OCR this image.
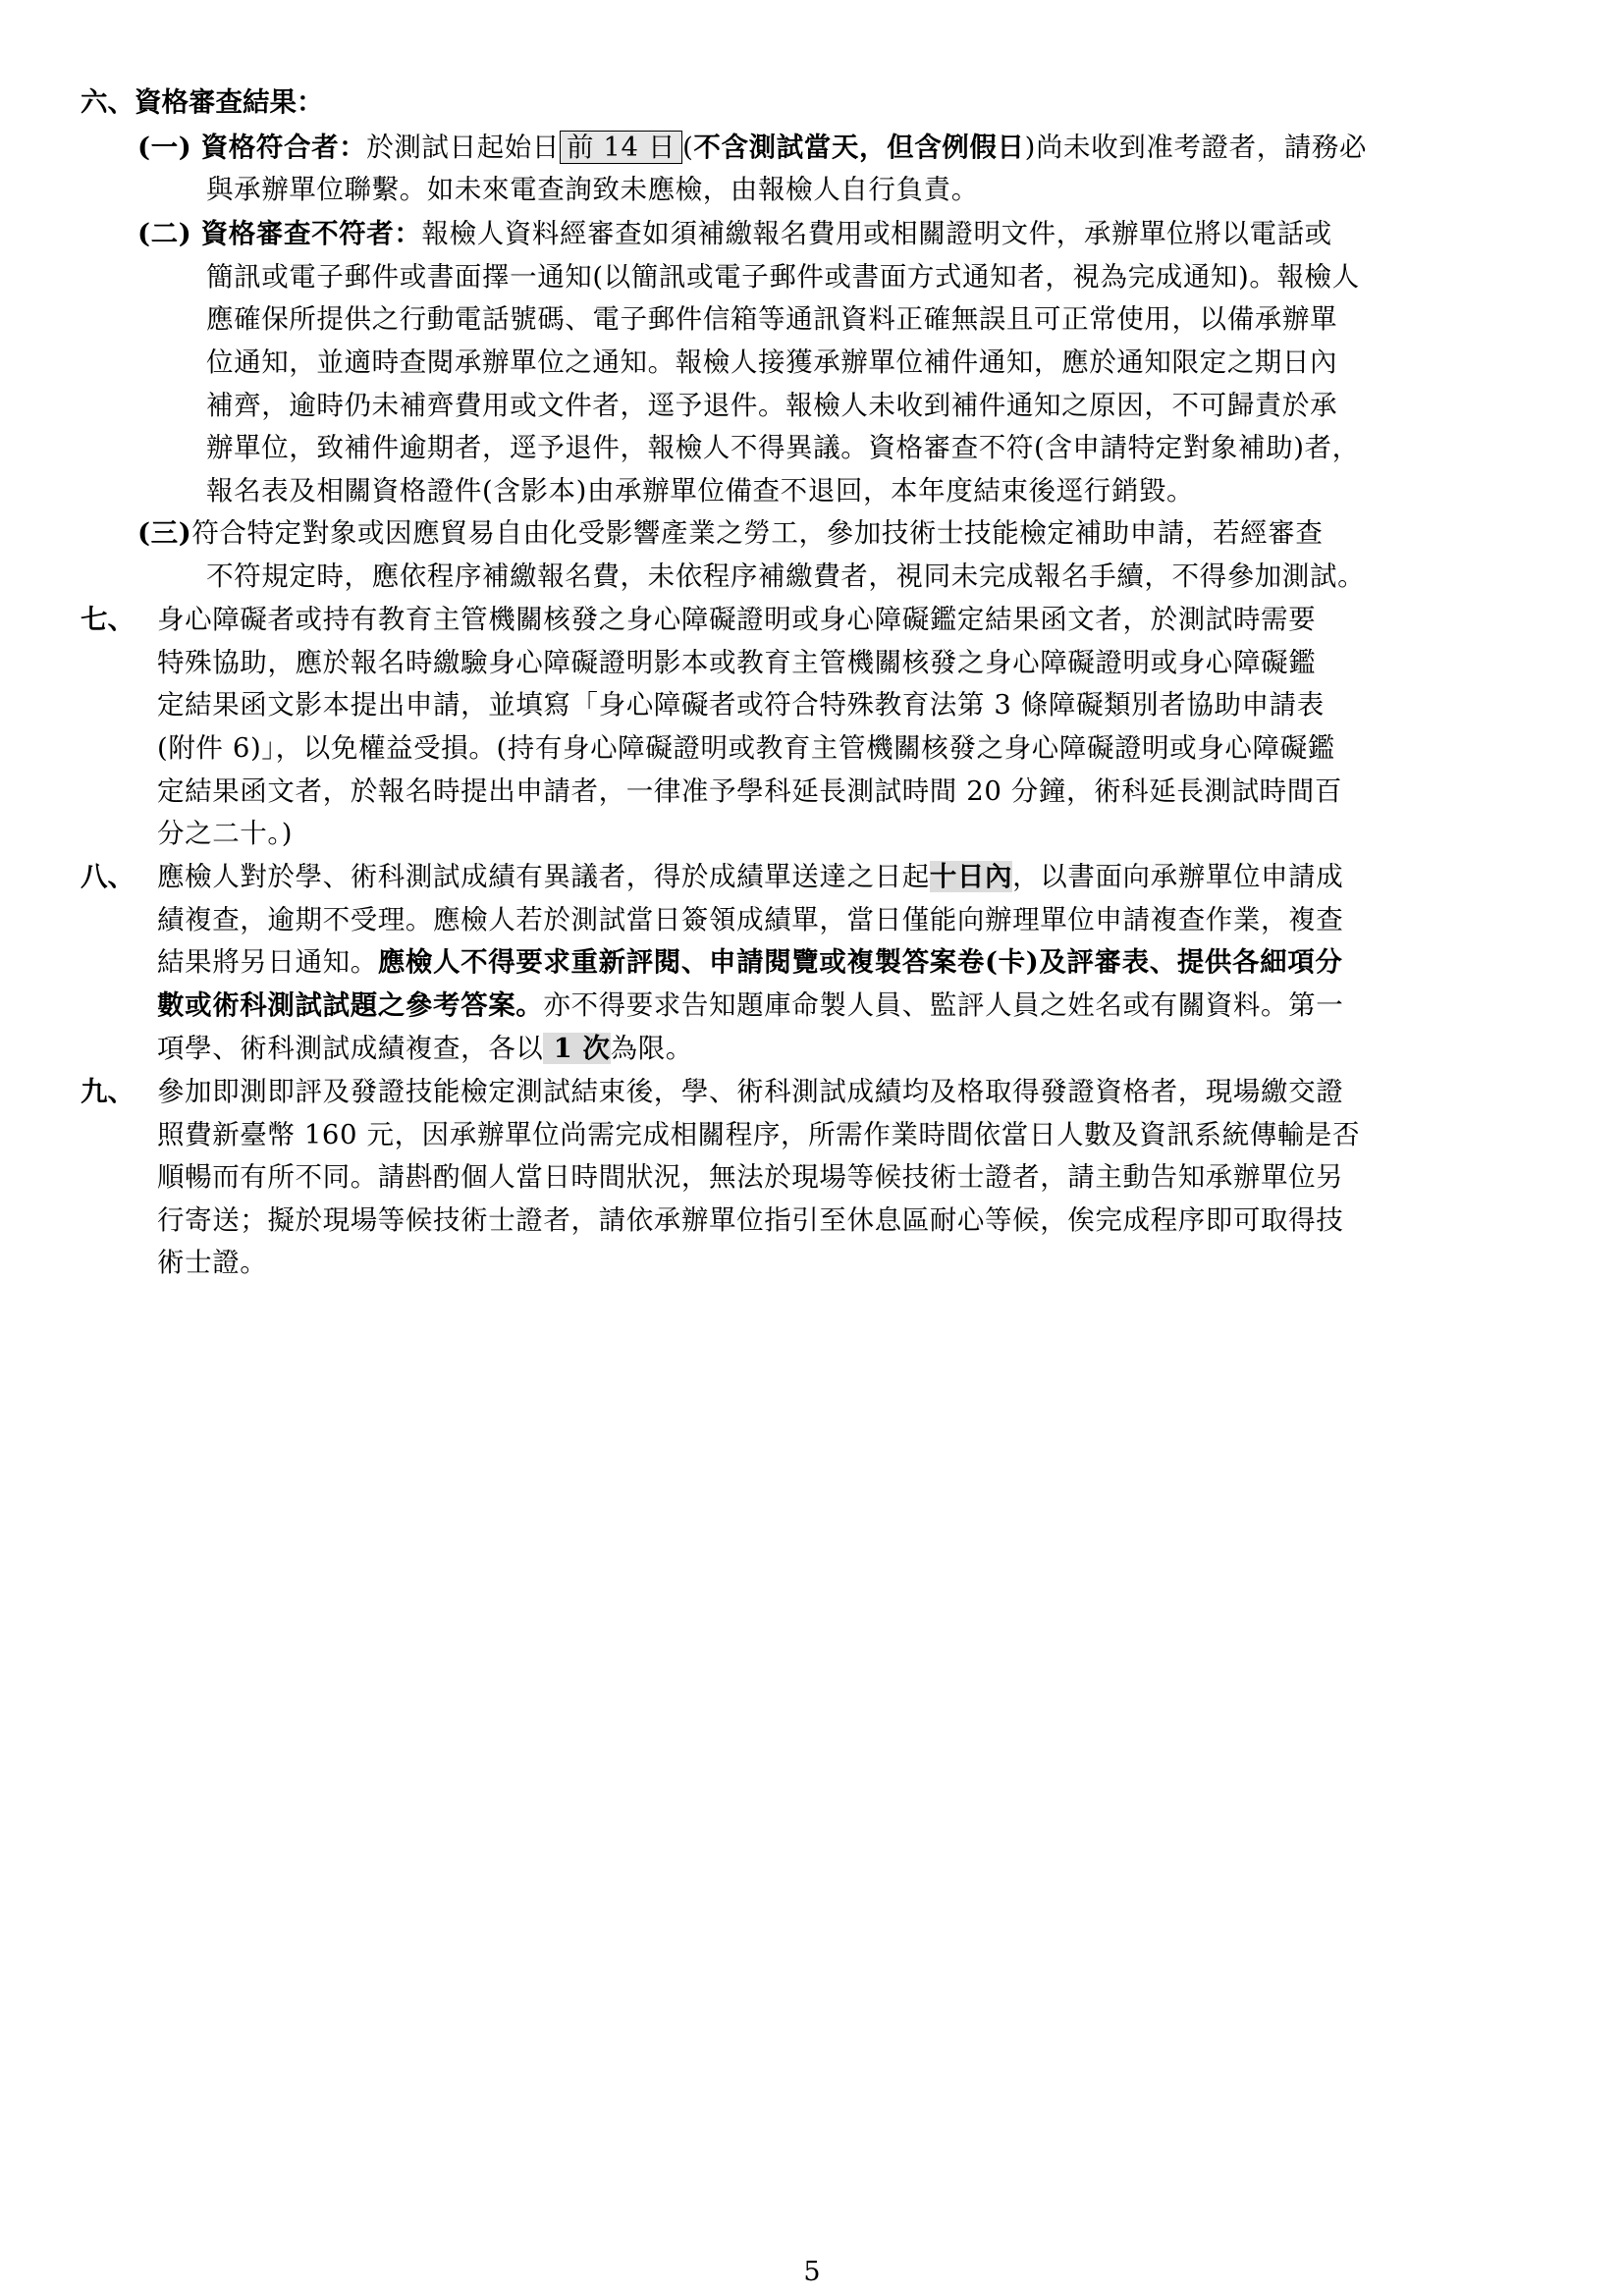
六、資格審查結果：
(一) 資格符合者：於測試日起始日 前 14 日 (不含測試當天，但含例假日)尚未收到准考證者，請務必
與承辦單位聯繫。如未來電查詢致未應檢，由報檢人自行負責。
(二) 資格審查不符者：報檢人資料經審查如須補繳報名費用或相關證明文件，承辦單位將以電話或
簡訊或電子郵件或書面擇一通知(以簡訊或電子郵件或書面方式通知者，視為完成通知)。報檢人
應確保所提供之行動電話號碼、電子郵件信箱等通訊資料正確無誤且可正常使用，以備承辦單
位通知，並適時查閱承辦單位之通知。報檢人接獲承辦單位補件通知，應於通知限定之期日內
補齊，逾時仍未補齊費用或文件者，逕予退件。報檢人未收到補件通知之原因，不可歸責於承
辦單位，致補件逾期者，逕予退件，報檢人不得異議。資格審查不符(含申請特定對象補助)者，
報名表及相關資格證件(含影本)由承辦單位備查不退回，本年度結束後逕行銷毀。
(三)符合特定對象或因應貿易自由化受影響產業之勞工，參加技術士技能檢定補助申請，若經審查
不符規定時，應依程序補繳報名費，未依程序補繳費者，視同未完成報名手續，不得參加測試。
七、 身心障礙者或持有教育主管機關核發之身心障礙證明或身心障礙鑑定結果函文者，於測試時需要
特殊協助，應於報名時繳驗身心障礙證明影本或教育主管機關核發之身心障礙證明或身心障礙鑑
定結果函文影本提出申請，並填寫「身心障礙者或符合特殊教育法第 3 條障礙類別者協助申請表
(附件 6)」，以免權益受損。(持有身心障礙證明或教育主管機關核發之身心障礙證明或身心障礙鑑
定結果函文者，於報名時提出申請者，一律准予學科延長測試時間 20 分鐘，術科延長測試時間百
分之二十。)
八、 應檢人對於學、術科測試成績有異議者，得於成績單送達之日起十日內，以書面向承辦單位申請成
績複查，逾期不受理。應檢人若於測試當日簽領成績單，當日僅能向辦理單位申請複查作業，複查
結果將另日通知。應檢人不得要求重新評閱、申請閱覽或複製答案卷(卡)及評審表、提供各細項分
數或術科測試試題之參考答案。亦不得要求告知題庫命製人員、監評人員之姓名或有關資料。第一
項學、術科測試成績複查，各以 1 次為限。
九、 參加即測即評及發證技能檢定測試結束後，學、術科測試成績均及格取得發證資格者，現場繳交證
照費新臺幣 160 元，因承辦單位尚需完成相關程序，所需作業時間依當日人數及資訊系統傳輸是否
順暢而有所不同。請斟酌個人當日時間狀況，無法於現場等候技術士證者，請主動告知承辦單位另
行寄送；擬於現場等候技術士證者，請依承辦單位指引至休息區耐心等候，俟完成程序即可取得技
術士證。
5
